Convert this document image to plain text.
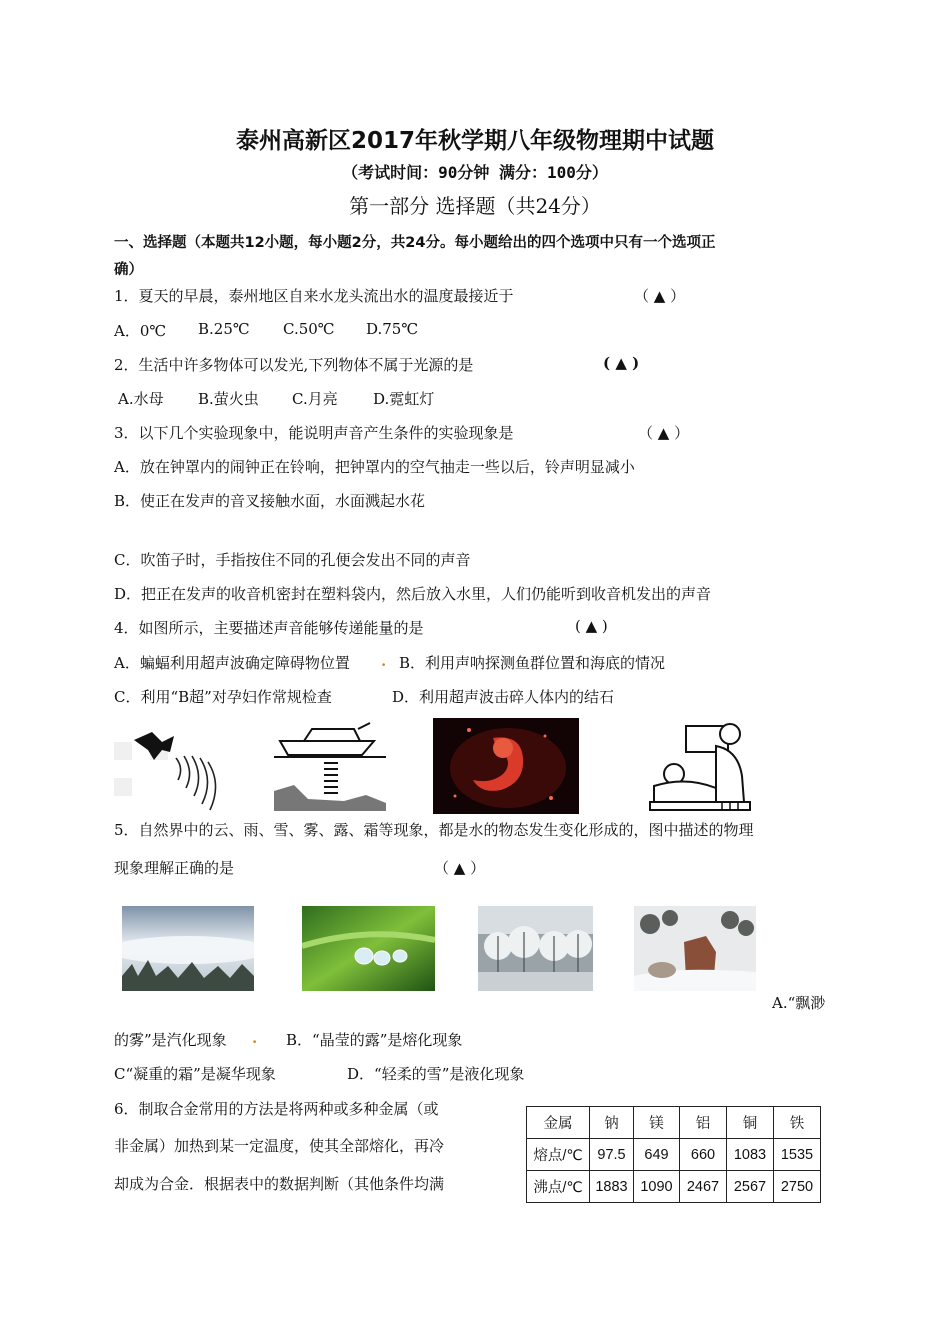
泰州高新区2017年秋学期八年级物理期中试题
（考试时间：90分钟 满分：100分）
第一部分 选择题（共24分）
一、选择题（本题共12小题，每小题2分，共24分。每小题给出的四个选项中只有一个选项正
确）
1．夏天的早晨，泰州地区自来水龙头流出水的温度最接近于	（ ▲ ）
A．0℃ B.25℃ C.50℃ D.75℃
2．生活中许多物体可以发光,下列物体不属于光源的是	( ▲ )
A.水母 B.萤火虫 C.月亮 D.霓虹灯
3．以下几个实验现象中，能说明声音产生条件的实验现象是	（ ▲ ）
A．放在钟罩内的闹钟正在铃响，把钟罩内的空气抽走一些以后，铃声明显减小
B．使正在发声的音叉接触水面，水面溅起水花
C．吹笛子时，手指按住不同的孔便会发出不同的声音
D．把正在发声的收音机密封在塑料袋内，然后放入水里，人们仍能听到收音机发出的声音
4．如图所示，主要描述声音能够传递能量的是	( ▲ )
A．蝙蝠利用超声波确定障碍物位置 . B．利用声呐探测鱼群位置和海底的情况
C．利用“B超”对孕妇作常规检查	D．利用超声波击碎人体内的结石
5．自然界中的云、雨、雪、雾、露、霜等现象，都是水的物态发生变化形成的，图中描述的物理
现象理解正确的是	（ ▲ ）
A.“飘渺
的雾”是汽化现象 . B．“晶莹的露”是熔化现象
C“凝重的霜”是凝华现象	D．“轻柔的雪”是液化现象
6．制取合金常用的方法是将两种或多种金属（或
非金属）加热到某一定温度，使其全部熔化，再冷
却成为合金．根据表中的数据判断（其他条件均满
金属	钠	镁	铝	铜	铁
熔点/℃	97.5	649	660	1083	1535
沸点/℃	1883	1090	2467	2567	2750
